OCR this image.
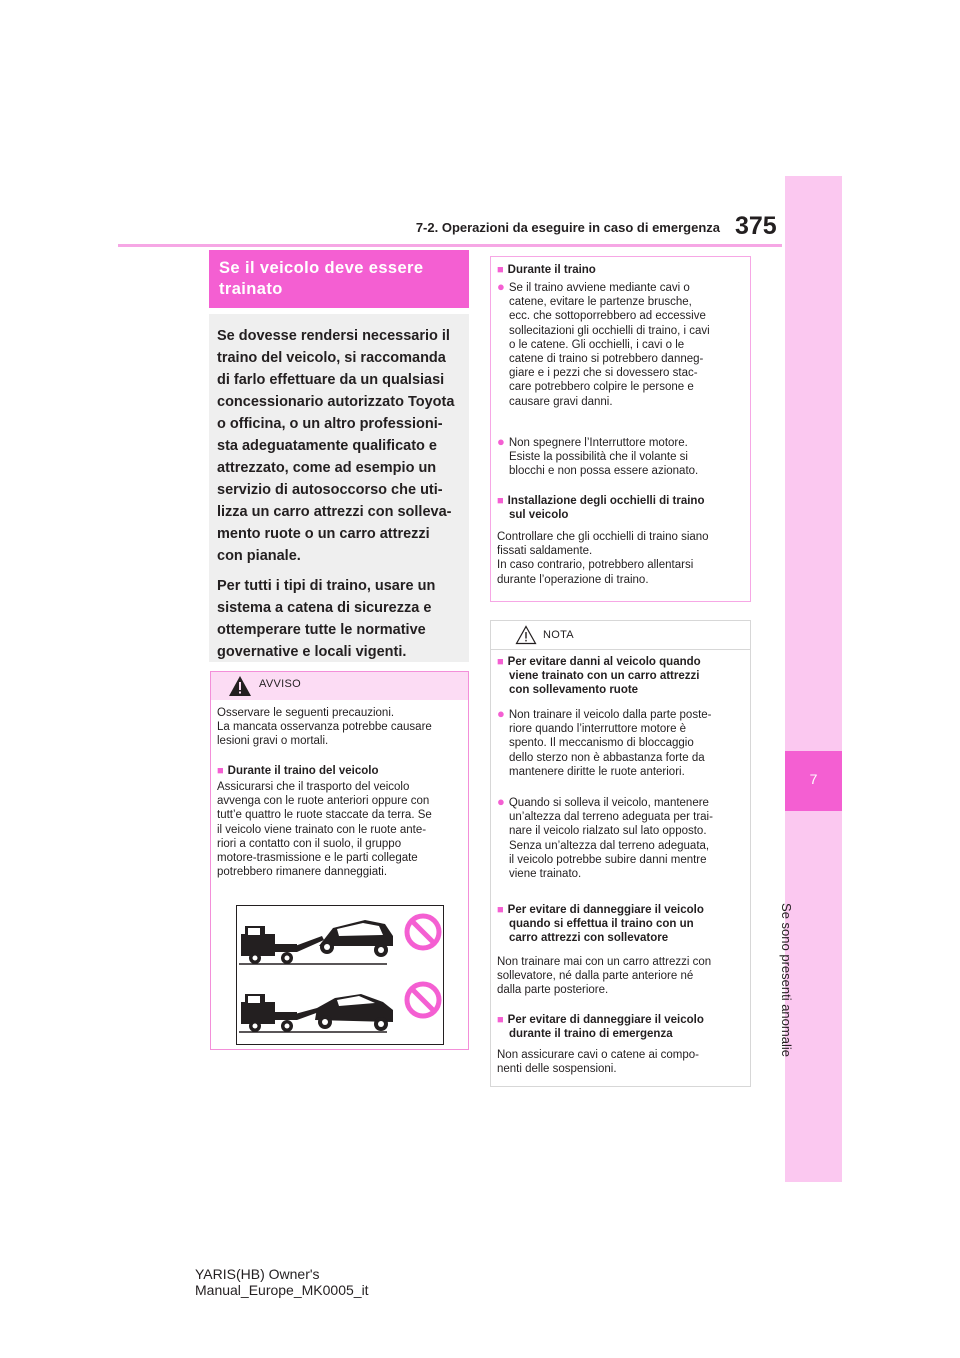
7-2. Operazioni da eseguire in caso di emergenza 375
7
Se sono presenti anomalie
Se il veicolo deve essere
trainato

Se dovesse rendersi necessario il
traino del veicolo, si raccomanda
di farlo effettuare da un qualsiasi
concessionario autorizzato Toyota
o officina, o un altro professioni-
sta adeguatamente qualificato e
attrezzato, come ad esempio un
servizio di autosoccorso che uti-
lizza un carro attrezzi con solleva-
mento ruote o un carro attrezzi
con pianale.

Per tutti i tipi di traino, usare un
sistema a catena di sicurezza e
ottemperare tutte le normative
governative e locali vigenti.

AVVISO
Osservare le seguenti precauzioni.
La mancata osservanza potrebbe causare
lesioni gravi o mortali.
■ Durante il traino del veicolo
Assicurarsi che il trasporto del veicolo
avvenga con le ruote anteriori oppure con
tutt’e quattro le ruote staccate da terra. Se
il veicolo viene trainato con le ruote ante-
riori a contatto con il suolo, il gruppo
motore-trasmissione e le parti collegate
potrebbero rimanere danneggiati.
■ Durante il traino
● Se il traino avviene mediante cavi o
catene, evitare le partenze brusche,
ecc. che sottoporrebbero ad eccessive
sollecitazioni gli occhielli di traino, i cavi
o le catene. Gli occhielli, i cavi o le
catene di traino si potrebbero danneg-
giare e i pezzi che si dovessero stac-
care potrebbero colpire le persone e
causare gravi danni.
● Non spegnere l’Interruttore motore.
Esiste la possibilità che il volante si
blocchi e non possa essere azionato.
■ Installazione degli occhielli di traino
sul veicolo
Controllare che gli occhielli di traino siano
fissati saldamente.
In caso contrario, potrebbero allentarsi
durante l’operazione di traino.
NOTA
■ Per evitare danni al veicolo quando
viene trainato con un carro attrezzi
con sollevamento ruote
● Non trainare il veicolo dalla parte poste-
riore quando l’interruttore motore è
spento. Il meccanismo di bloccaggio
dello sterzo non è abbastanza forte da
mantenere diritte le ruote anteriori.
● Quando si solleva il veicolo, mantenere
un’altezza dal terreno adeguata per trai-
nare il veicolo rialzato sul lato opposto.
Senza un’altezza dal terreno adeguata,
il veicolo potrebbe subire danni mentre
viene trainato.
■ Per evitare di danneggiare il veicolo
quando si effettua il traino con un
carro attrezzi con sollevatore
Non trainare mai con un carro attrezzi con
sollevatore, né dalla parte anteriore né
dalla parte posteriore.
■ Per evitare di danneggiare il veicolo
durante il traino di emergenza
Non assicurare cavi o catene ai compo-
nenti delle sospensioni.
YARIS(HB) Owner's Manual_Europe_MK0005_it
